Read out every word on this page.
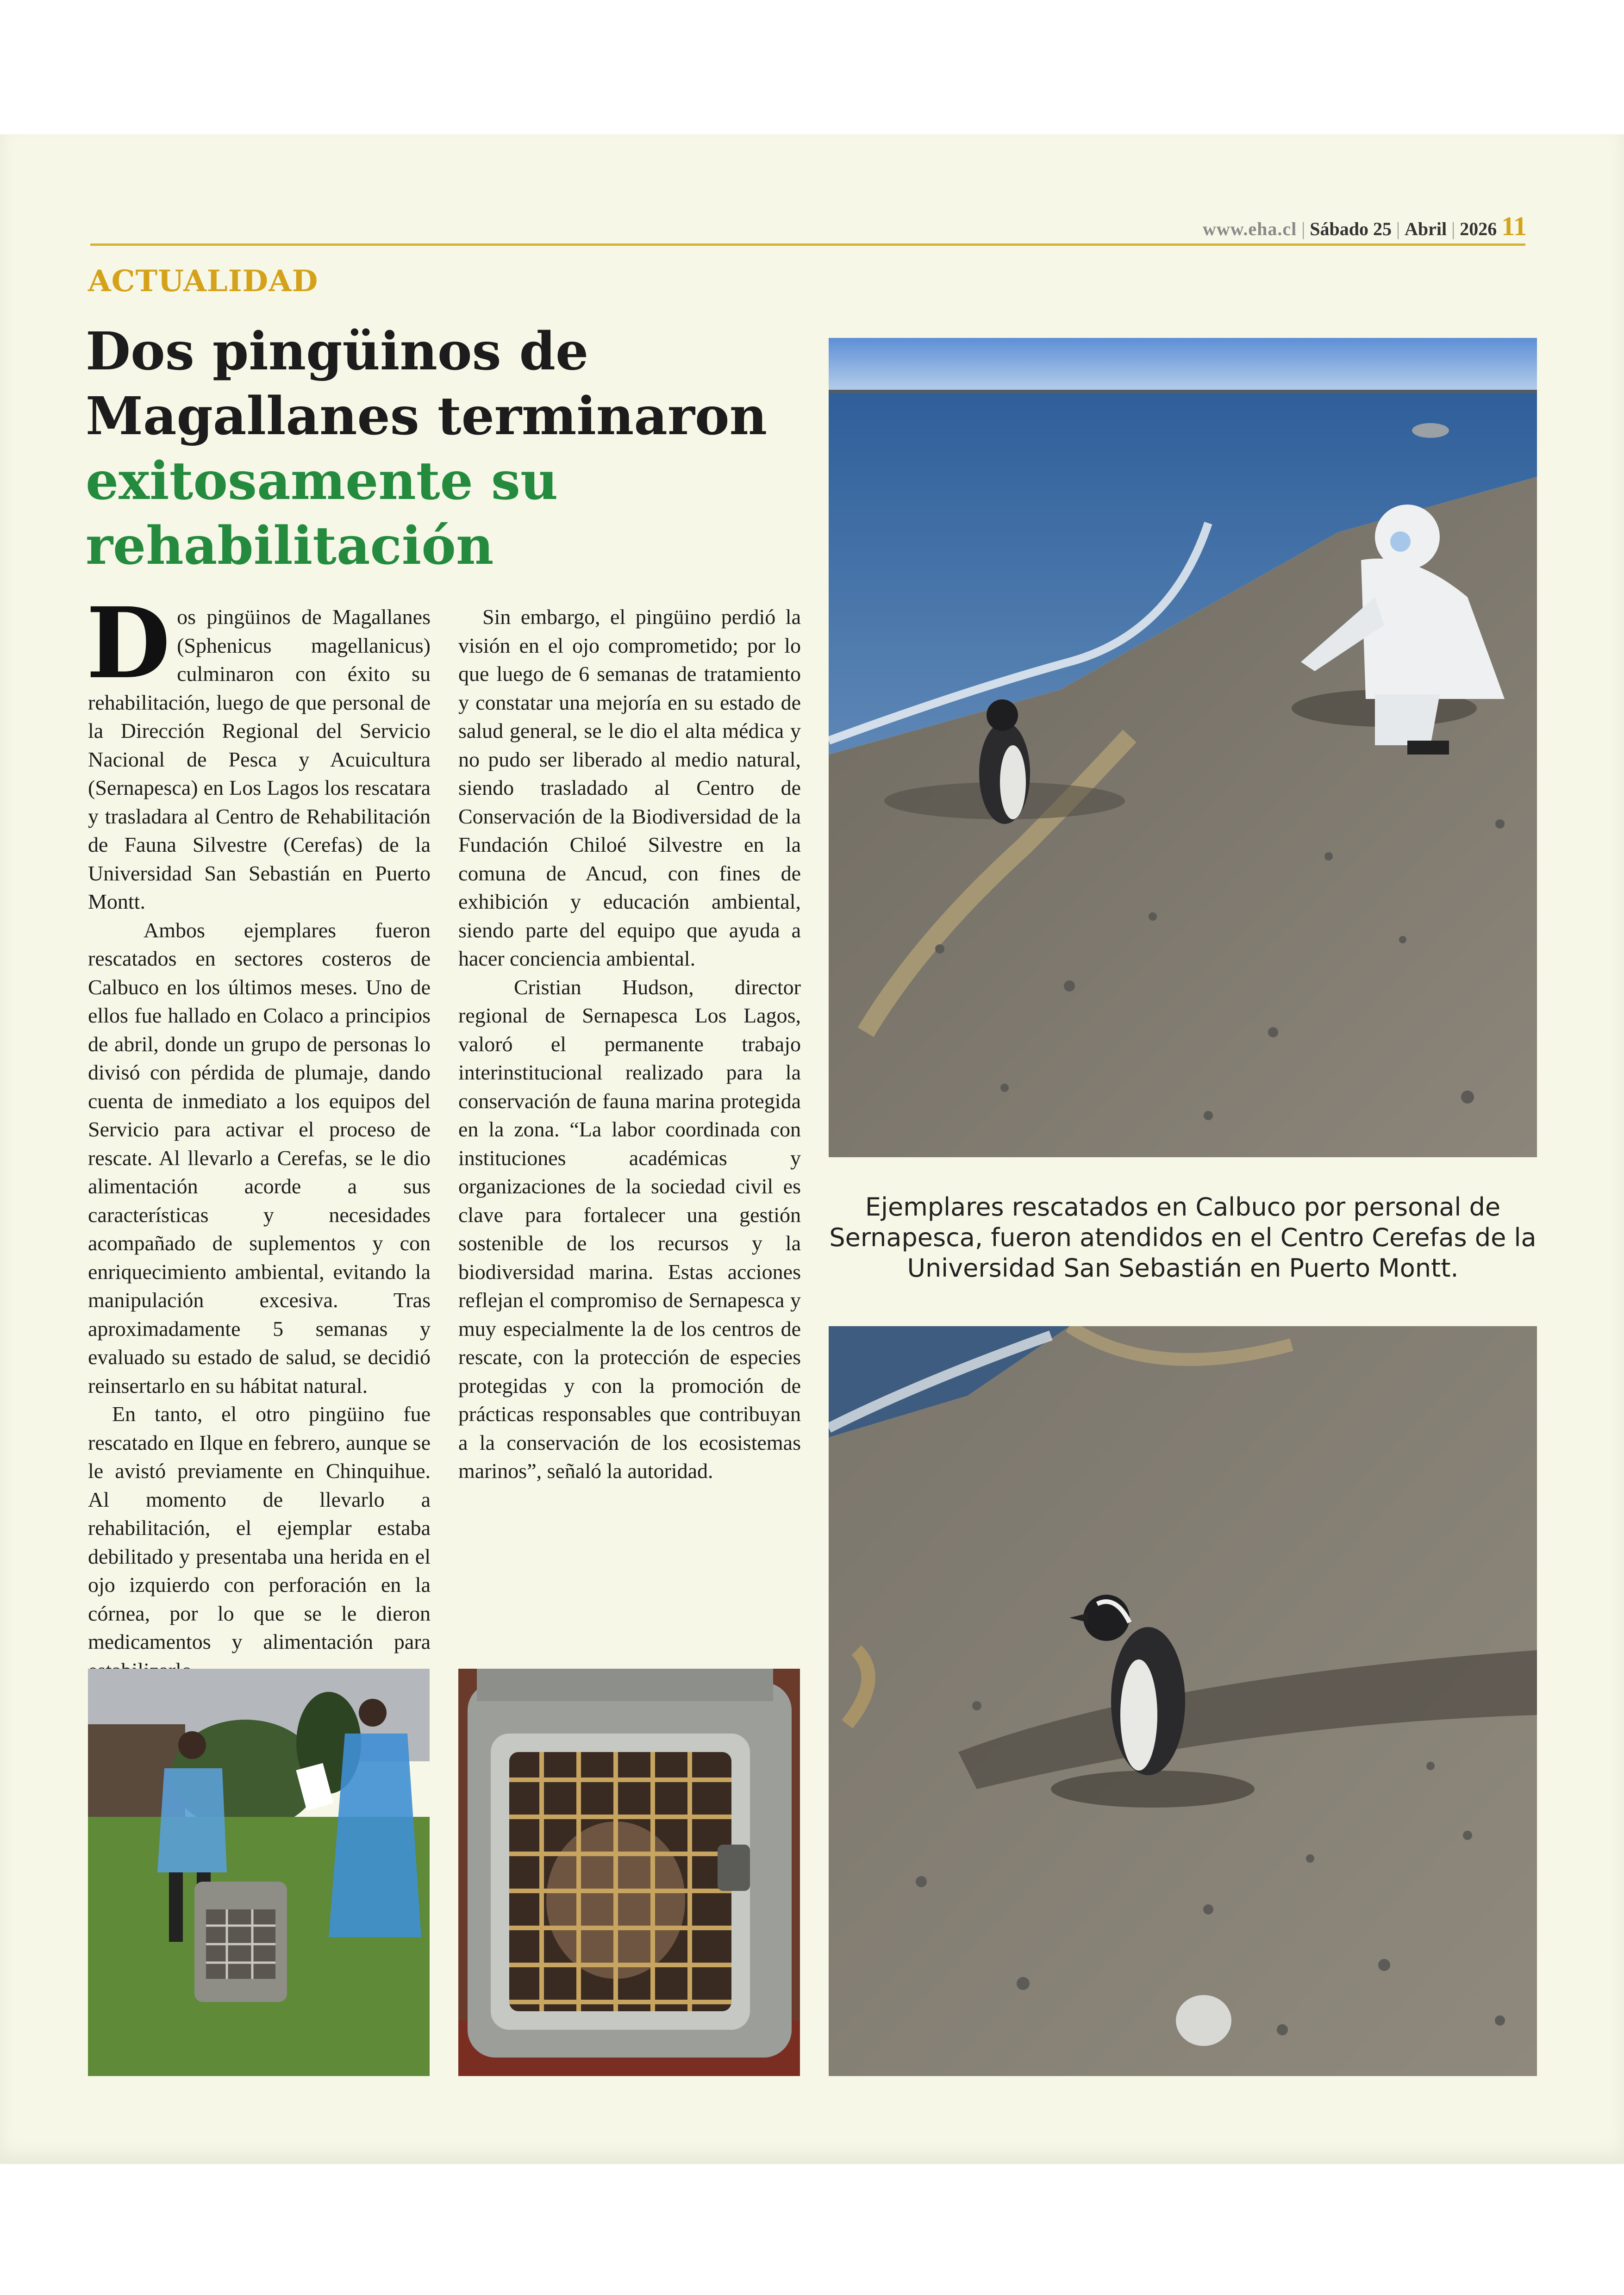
www.eha.cl | Sábado 25 | Abril | 2026 11
ACTUALIDAD
Dos pingüinos de
Magallanes terminaron
exitosamente su
rehabilitación

D os pingüinos de Magallanes (Sphenicus magellanicus) culminaron con éxito su rehabilitación, luego de que personal de la Dirección Regional del Servicio Nacional de Pesca y Acuicultura (Sernapesca) en Los Lagos los rescatara y trasladara al Centro de Rehabilitación de Fauna Silvestre (Cerefas) de la Universidad San Sebastián en Puerto Montt.

Ambos ejemplares fueron rescatados en sectores costeros de Calbuco en los últimos meses. Uno de ellos fue hallado en Colaco a principios de abril, donde un grupo de personas lo divisó con pérdida de plumaje, dando cuenta de inmediato a los equipos del Servicio para activar el proceso de rescate. Al llevarlo a Cerefas, se le dio alimentación acorde a sus características y necesidades acompañado de suplementos y con enriquecimiento ambiental, evitando la manipulación excesiva. Tras aproximadamente 5 semanas y evaluado su estado de salud, se decidió reinsertarlo en su hábitat natural.

En tanto, el otro pingüino fue rescatado en Ilque en febrero, aunque se le avistó previamente en Chinquihue. Al momento de llevarlo a rehabilitación, el ejemplar estaba debilitado y presentaba una herida en el ojo izquierdo con perforación en la córnea, por lo que se le dieron medicamentos y alimentación para

Sin embargo, el pingüino perdió la visión en el ojo comprometido; por lo que luego de 6 semanas de tratamiento y constatar una mejoría en su estado de salud general, se le dio el alta médica y no pudo ser liberado al medio natural, siendo trasladado al Centro de Conservación de la Biodiversidad de la Fundación Chiloé Silvestre en la comuna de Ancud, con fines de exhibición y educación ambiental, siendo parte del equipo que ayuda a hacer conciencia ambiental.

Cristian Hudson, director regional de Sernapesca Los Lagos, valoró el permanente trabajo interinstitucional realizado para la conservación de fauna marina protegida en la zona. “La labor coordinada con instituciones académicas y organizaciones de la sociedad civil es clave para fortalecer una gestión sostenible de los recursos y la biodiversidad marina. Estas acciones reflejan el compromiso de Sernapesca y muy especialmente la de los centros de rescate, con la protección de especies protegidas y con la promoción de prácticas responsables que contribuyan a la conservación de los ecosistemas marinos”, señaló la autoridad.

Ejemplares rescatados en Calbuco por personal de Sernapesca, fueron atendidos en el Centro Cerefas de la Universidad San Sebastián en Puerto Montt.
